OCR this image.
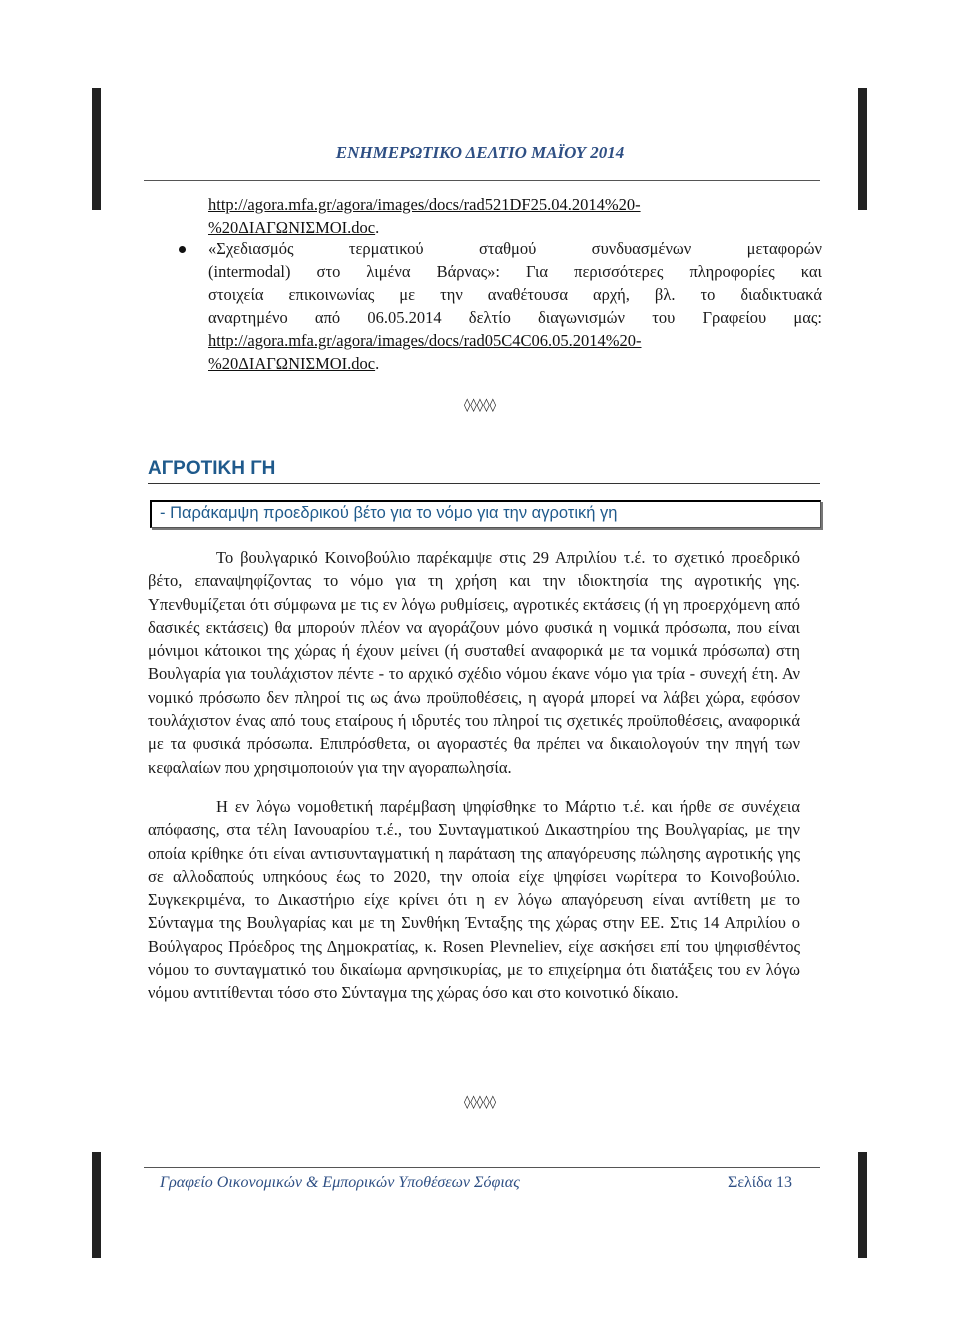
ΕΝΗΜΕΡΩΤΙΚΟ ΔΕΛΤΙΟ ΜΑΪΟΥ 2014
http://agora.mfa.gr/agora/images/docs/rad521DF25.04.2014%20-
%20ΔΙΑΓΩΝΙΣΜΟΙ.doc.
«Σχεδιασμός τερματικού σταθμού συνδυασμένων μεταφορών
(intermodal) στο λιμένα Βάρνας»: Για περισσότερες πληροφορίες και
στοιχεία επικοινωνίας με την αναθέτουσα αρχή, βλ. το διαδικτυακά
αναρτημένο από 06.05.2014 δελτίο διαγωνισμών του Γραφείου μας:
http://agora.mfa.gr/agora/images/docs/rad05C4C06.05.2014%20-
%20ΔΙΑΓΩΝΙΣΜΟΙ.doc.
◊◊◊◊◊
ΑΓΡΟΤΙΚΗ ΓΗ
- Παράκαμψη προεδρικού βέτο για το νόμο για την αγροτική γη

Το βουλγαρικό Κοινοβούλιο παρέκαμψε στις 29 Απριλίου τ.έ. το σχετικό προεδρικό βέτο, επαναψηφίζοντας το νόμο για τη χρήση και την ιδιοκτησία της αγροτικής γης. Υπενθυμίζεται ότι σύμφωνα με τις εν λόγω ρυθμίσεις, αγροτικές εκτάσεις (ή γη προερχόμενη από δασικές εκτάσεις) θα μπορούν πλέον να αγοράζουν μόνο φυσικά η νομικά πρόσωπα, που είναι μόνιμοι κάτοικοι της χώρας ή έχουν μείνει (ή συσταθεί αναφορικά με τα νομικά πρόσωπα) στη Βουλγαρία για τουλάχιστον πέντε - το αρχικό σχέδιο νόμου έκανε νόμο για τρία - συνεχή έτη. Αν νομικό πρόσωπο δεν πληροί τις ως άνω προϋποθέσεις, η αγορά μπορεί να λάβει χώρα, εφόσον τουλάχιστον ένας από τους εταίρους ή ιδρυτές του πληροί τις σχετικές προϋποθέσεις, αναφορικά με τα φυσικά πρόσωπα. Επιπρόσθετα, οι αγοραστές θα πρέπει να δικαιολογούν την πηγή των κεφαλαίων που χρησιμοποιούν για την αγοραπωλησία.

Η εν λόγω νομοθετική παρέμβαση ψηφίσθηκε το Μάρτιο τ.έ. και ήρθε σε συνέχεια απόφασης, στα τέλη Ιανουαρίου τ.έ., του Συνταγματικού Δικαστηρίου της Βουλγαρίας, με την οποία κρίθηκε ότι είναι αντισυνταγματική η παράταση της απαγόρευσης πώλησης αγροτικής γης σε αλλοδαπούς υπηκόους έως το 2020, την οποία είχε ψηφίσει νωρίτερα το Κοινοβούλιο. Συγκεκριμένα, το Δικαστήριο είχε κρίνει ότι η εν λόγω απαγόρευση είναι αντίθετη με το Σύνταγμα της Βουλγαρίας και με τη Συνθήκη Ένταξης της χώρας στην ΕΕ. Στις 14 Απριλίου ο Βούλγαρος Πρόεδρος της Δημοκρατίας, κ. Rosen Plevneliev, είχε ασκήσει επί του ψηφισθέντος νόμου το συνταγματικό του δικαίωμα αρνησικυρίας, με το επιχείρημα ότι διατάξεις του εν λόγω νόμου αντιτίθενται τόσο στο Σύνταγμα της χώρας όσο και στο κοινοτικό δίκαιο.

◊◊◊◊◊
Γραφείο Οικονομικών & Εμπορικών Υποθέσεων Σόφιας	Σελίδα 13
